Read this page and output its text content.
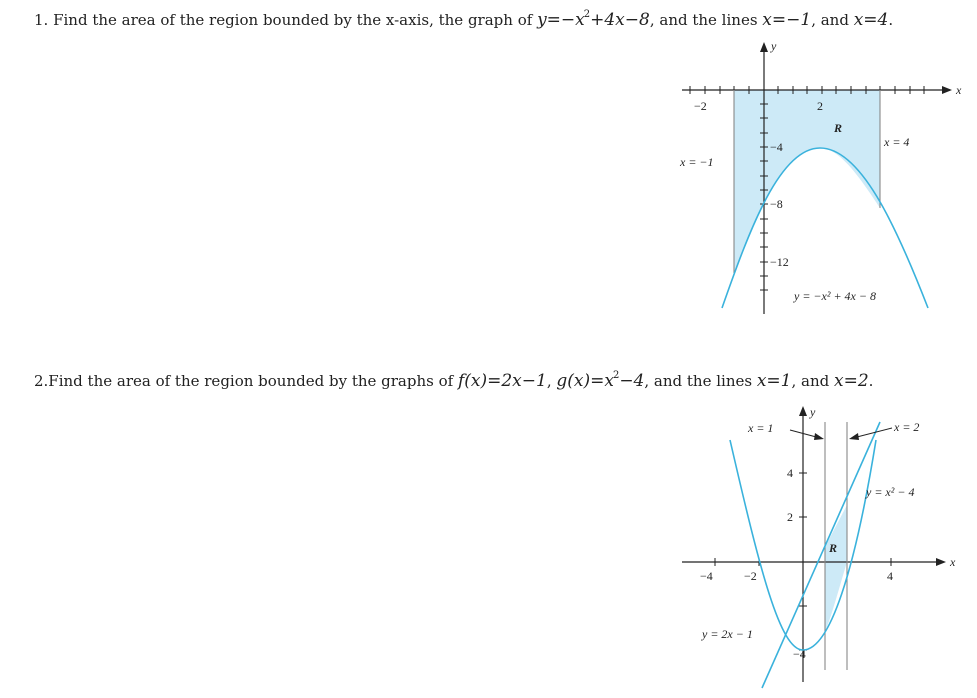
1. Find the area of the region bounded by the x-axis, the graph of $y=-x^2+4x-8$, and the lines x=−1, and x=4.
y
x
−2	2
−4
−8
−12
R
x = −1
x = 4
y = −x² + 4x − 8
2.Find the area of the region bounded by the graphs of f(x)=2x−1, $g(x)=x^2-4$, and the lines x=1, and x=2.
y
x
−4	−2	4
4
2
−4
R
x = 1	x = 2
y = x² − 4
y = 2x − 1
